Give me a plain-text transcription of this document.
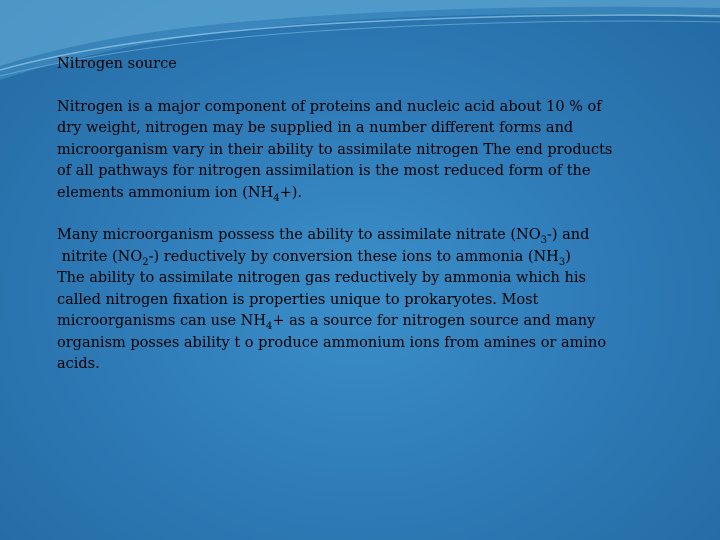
Nitrogen source
Nitrogen is a major component of proteins and nucleic acid about 10 % of
dry weight, nitrogen may be supplied in a number different forms and
microorganism vary in their ability to assimilate nitrogen The end products
of all pathways for nitrogen assimilation is the most reduced form of the
elements ammonium ion $(NH_4+)$.
Many microorganism possess the ability to assimilate nitrate $(NO_3-)$ and
nitrite $(NO_2-)$ reductively by conversion these ions to ammonia $(NH_3)$
The ability to assimilate nitrogen gas reductively by ammonia which his
called nitrogen fixation is properties unique to prokaryotes. Most
microorganisms can use $NH_4+$ as a source for nitrogen source and many
organism posses ability t o produce ammonium ions from amines or amino
acids.
